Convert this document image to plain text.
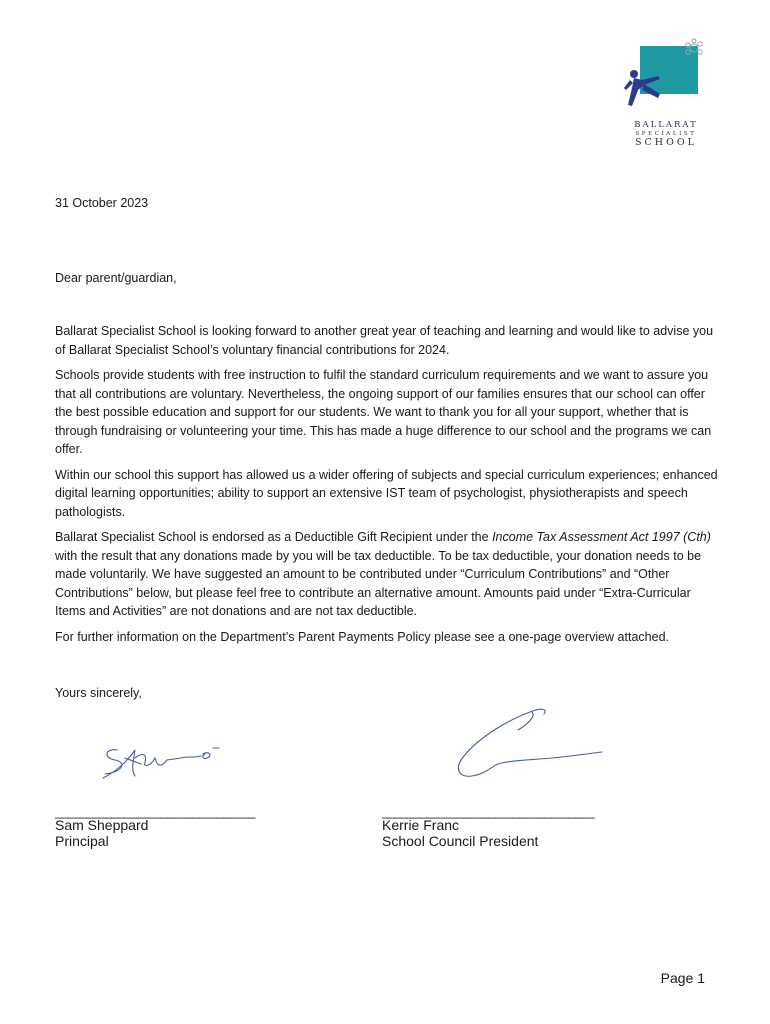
BALLARAT
SPECIALIST
SCHOOL
31 October 2023
Dear parent/guardian,

Ballarat Specialist School is looking forward to another great year of teaching and learning and would like to advise you of Ballarat Specialist School’s voluntary financial contributions for 2024.

Schools provide students with free instruction to fulfil the standard curriculum requirements and we want to assure you that all contributions are voluntary. Nevertheless, the ongoing support of our families ensures that our school can offer the best possible education and support for our students. We want to thank you for all your support, whether that is through fundraising or volunteering your time. This has made a huge difference to our school and the programs we can offer.

Within our school this support has allowed us a wider offering of subjects and special curriculum experiences; enhanced digital learning opportunities; ability to support an extensive IST team of psychologist, physiotherapists and speech pathologists.

Ballarat Specialist School is endorsed as a Deductible Gift Recipient under the Income Tax Assessment Act 1997 (Cth) with the result that any donations made by you will be tax deductible. To be tax deductible, your donation needs to be made voluntarily. We have suggested an amount to be contributed under “Curriculum Contributions” and “Other Contributions” below, but please feel free to contribute an alternative amount. Amounts paid under “Extra-Curricular Items and Activities” are not donations and are not tax deductible.

For further information on the Department’s Parent Payments Policy please see a one-page overview attached.

Yours sincerely,
________________________________	__________________________________
Sam Sheppard
Principal
Kerrie Franc
School Council President
Page 1
